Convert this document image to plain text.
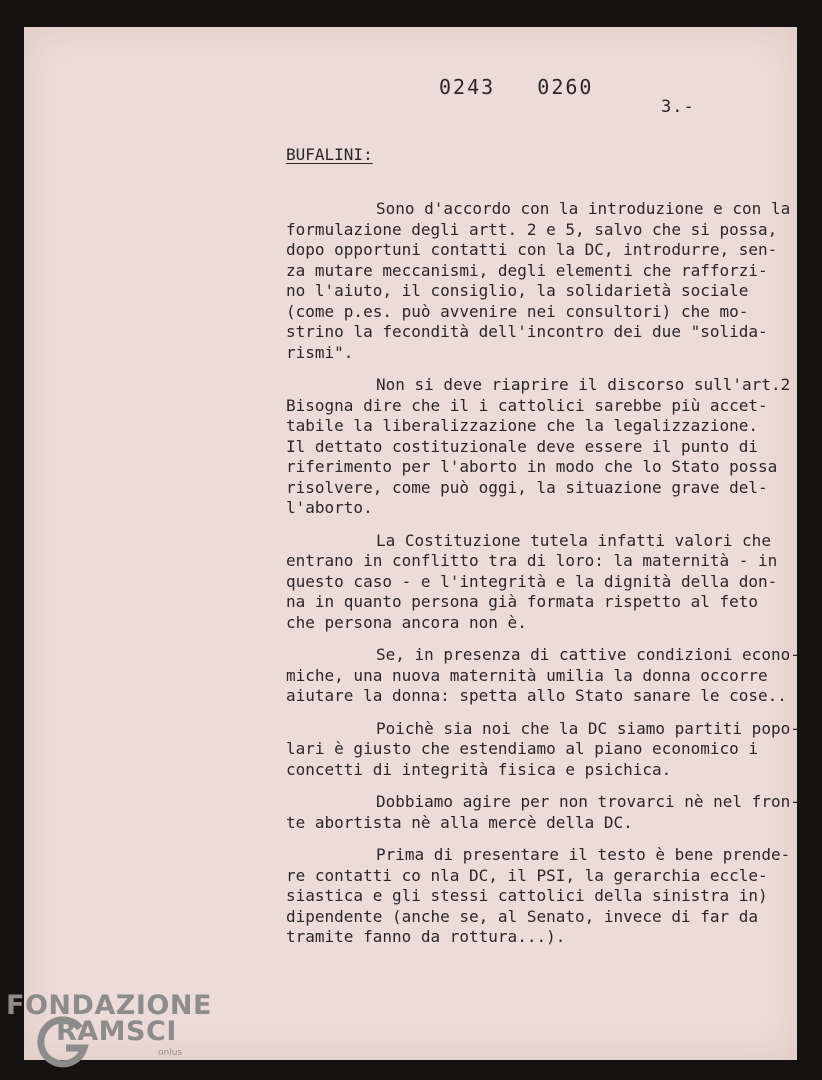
0243   0260
3.-
BUFALINI:

Sono d'accordo con la introduzione e con la
formulazione degli artt. 2 e 5, salvo che si possa,
dopo opportuni contatti con la DC, introdurre, sen-
za mutare meccanismi, degli elementi che rafforzi-
no l'aiuto, il consiglio, la solidarietà sociale
(come p.es. può avvenire nei consultori) che mo-
strino la fecondità dell'incontro dei due "solida-
rismi".

Non si deve riaprire il discorso sull'art.2
Bisogna dire che il i cattolici sarebbe più accet-
tabile la liberalizzazione che la legalizzazione.
Il dettato costituzionale deve essere il punto di
riferimento per l'aborto in modo che lo Stato possa
risolvere, come può oggi, la situazione grave del-
l'aborto.

La Costituzione tutela infatti valori che
entrano in conflitto tra di loro: la maternità - in
questo caso - e l'integrità e la dignità della don-
na in quanto persona già formata rispetto al feto
che persona ancora non è.

Se, in presenza di cattive condizioni econo-
miche, una nuova maternità umilia la donna occorre
aiutare la donna: spetta allo Stato sanare le cose..

Poichè sia noi che la DC siamo partiti popo-
lari è giusto che estendiamo al piano economico i
concetti di integrità fisica e psichica.

Dobbiamo agire per non trovarci nè nel fron-
te abortista nè alla mercè della DC.

Prima di presentare il testo è bene prende-
re contatti co nla DC, il PSI, la gerarchia eccle-
siastica e gli stessi cattolici della sinistra in)
dipendente (anche se, al Senato, invece di far da
tramite fanno da rottura...).

FONDAZIONE
RAMSCI
onlus
